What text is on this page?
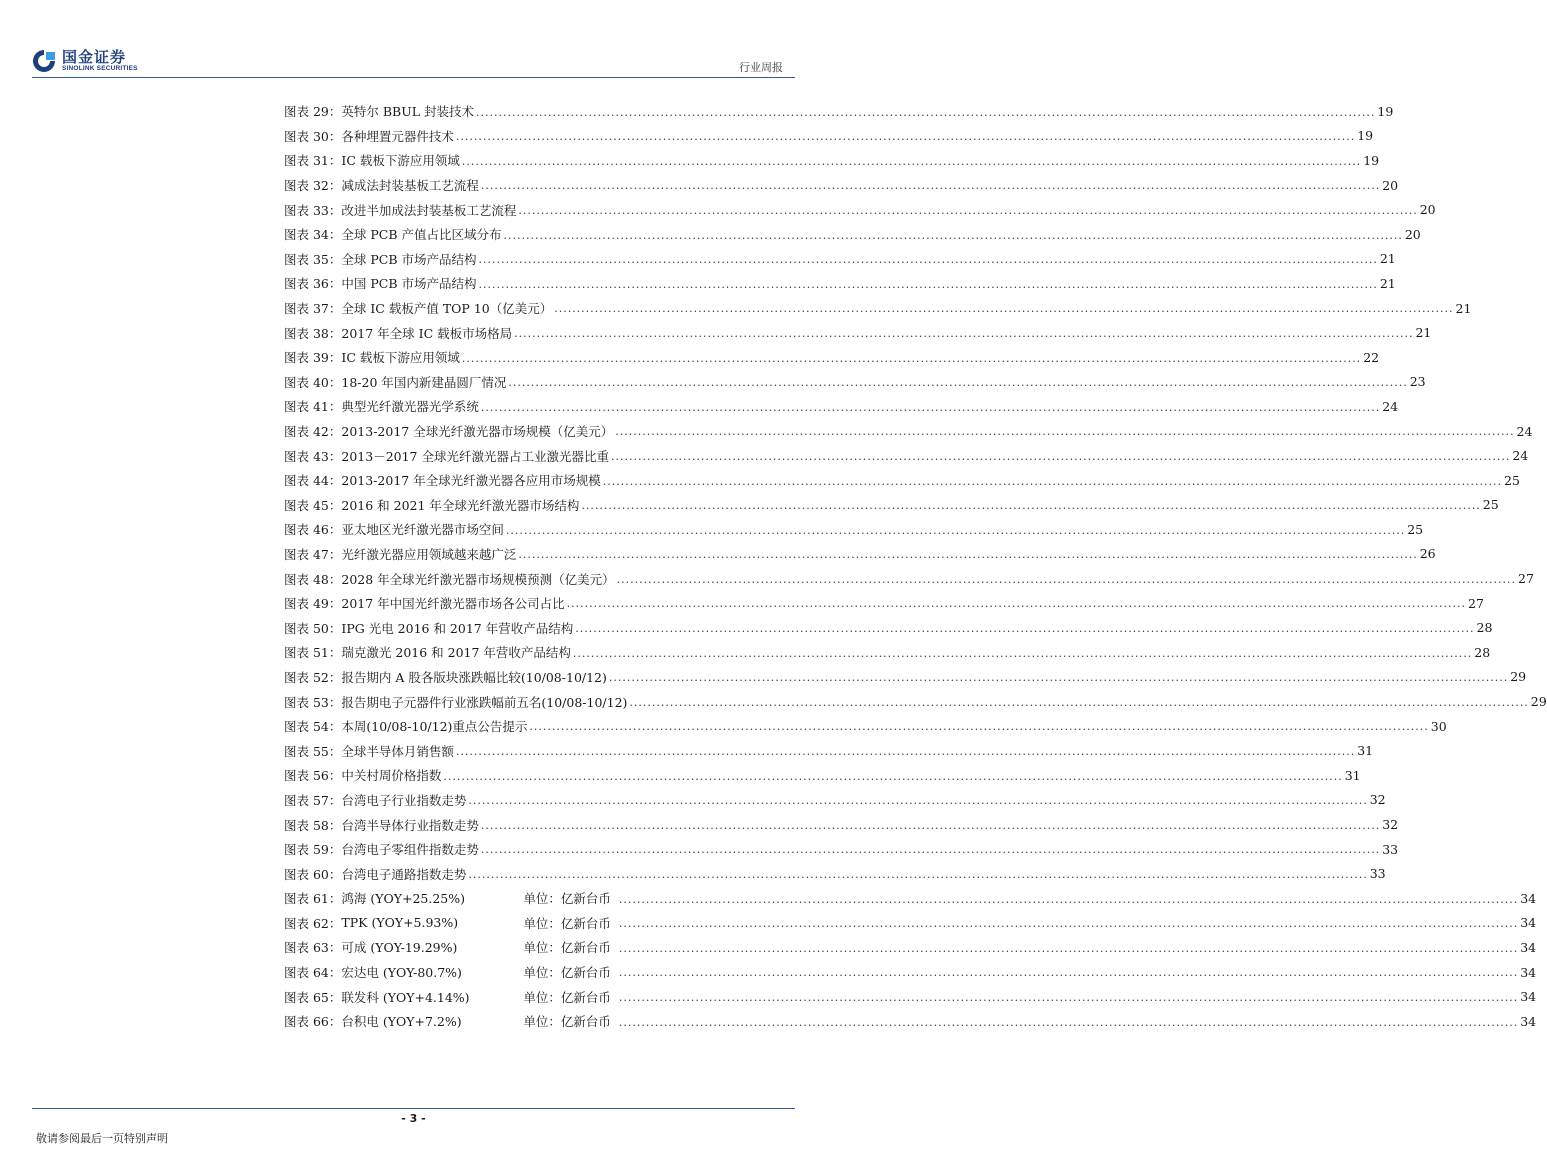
国金证券
SINOLINK SECURITIES	行业周报
图表 29： 英特尔 BBUL 封装技术 ........................................................................................................................................................................................................ 19
图表 30： 各种埋置元器件技术 ........................................................................................................................................................................................................ 19
图表 31： IC 载板下游应用领域 ........................................................................................................................................................................................................ 19
图表 32： 减成法封装基板工艺流程 ........................................................................................................................................................................................................ 20
图表 33： 改进半加成法封装基板工艺流程 ........................................................................................................................................................................................................ 20
图表 34： 全球 PCB 产值占比区域分布 ........................................................................................................................................................................................................ 20
图表 35： 全球 PCB 市场产品结构 ........................................................................................................................................................................................................ 21
图表 36： 中国 PCB 市场产品结构 ........................................................................................................................................................................................................ 21
图表 37： 全球 IC 载板产值 TOP 10（亿美元） ........................................................................................................................................................................................................ 21
图表 38： 2017 年全球 IC 载板市场格局 ........................................................................................................................................................................................................ 21
图表 39： IC 载板下游应用领域 ........................................................................................................................................................................................................ 22
图表 40： 18-20 年国内新建晶圆厂情况 ........................................................................................................................................................................................................ 23
图表 41： 典型光纤激光器光学系统 ........................................................................................................................................................................................................ 24
图表 42： 2013-2017 全球光纤激光器市场规模（亿美元） ........................................................................................................................................................................................................ 24
图表 43： 2013－2017 全球光纤激光器占工业激光器比重 ........................................................................................................................................................................................................ 24
图表 44： 2013-2017 年全球光纤激光器各应用市场规模 ........................................................................................................................................................................................................ 25
图表 45： 2016 和 2021 年全球光纤激光器市场结构 ........................................................................................................................................................................................................ 25
图表 46： 亚太地区光纤激光器市场空间 ........................................................................................................................................................................................................ 25
图表 47： 光纤激光器应用领域越来越广泛 ........................................................................................................................................................................................................ 26
图表 48： 2028 年全球光纤激光器市场规模预测（亿美元） ........................................................................................................................................................................................................ 27
图表 49： 2017 年中国光纤激光器市场各公司占比 ........................................................................................................................................................................................................ 27
图表 50： IPG 光电 2016 和 2017 年营收产品结构 ........................................................................................................................................................................................................ 28
图表 51： 瑞克激光 2016 和 2017 年营收产品结构 ........................................................................................................................................................................................................ 28
图表 52： 报告期内 A 股各版块涨跌幅比较(10/08-10/12) ........................................................................................................................................................................................................ 29
图表 53： 报告期电子元器件行业涨跌幅前五名(10/08-10/12) ........................................................................................................................................................................................................ 29
图表 54： 本周(10/08-10/12)重点公告提示 ........................................................................................................................................................................................................ 30
图表 55： 全球半导体月销售额 ........................................................................................................................................................................................................ 31
图表 56： 中关村周价格指数 ........................................................................................................................................................................................................ 31
图表 57： 台湾电子行业指数走势 ........................................................................................................................................................................................................ 32
图表 58： 台湾半导体行业指数走势 ........................................................................................................................................................................................................ 32
图表 59： 台湾电子零组件指数走势 ........................................................................................................................................................................................................ 33
图表 60： 台湾电子通路指数走势 ........................................................................................................................................................................................................ 33
图表 61： 鸿海 (YOY+25.25%)	单位：亿新台币 ........................................................................................................................................................................................................ 34
图表 62： TPK (YOY+5.93%)	单位：亿新台币 ........................................................................................................................................................................................................ 34
图表 63： 可成 (YOY-19.29%)	单位：亿新台币 ........................................................................................................................................................................................................ 34
图表 64： 宏达电 (YOY-80.7%)	单位：亿新台币 ........................................................................................................................................................................................................ 34
图表 65： 联发科 (YOY+4.14%)	单位：亿新台币 ........................................................................................................................................................................................................ 34
图表 66： 台积电 (YOY+7.2%)	单位：亿新台币 ........................................................................................................................................................................................................ 34
- 3 -
敬请参阅最后一页特别声明
